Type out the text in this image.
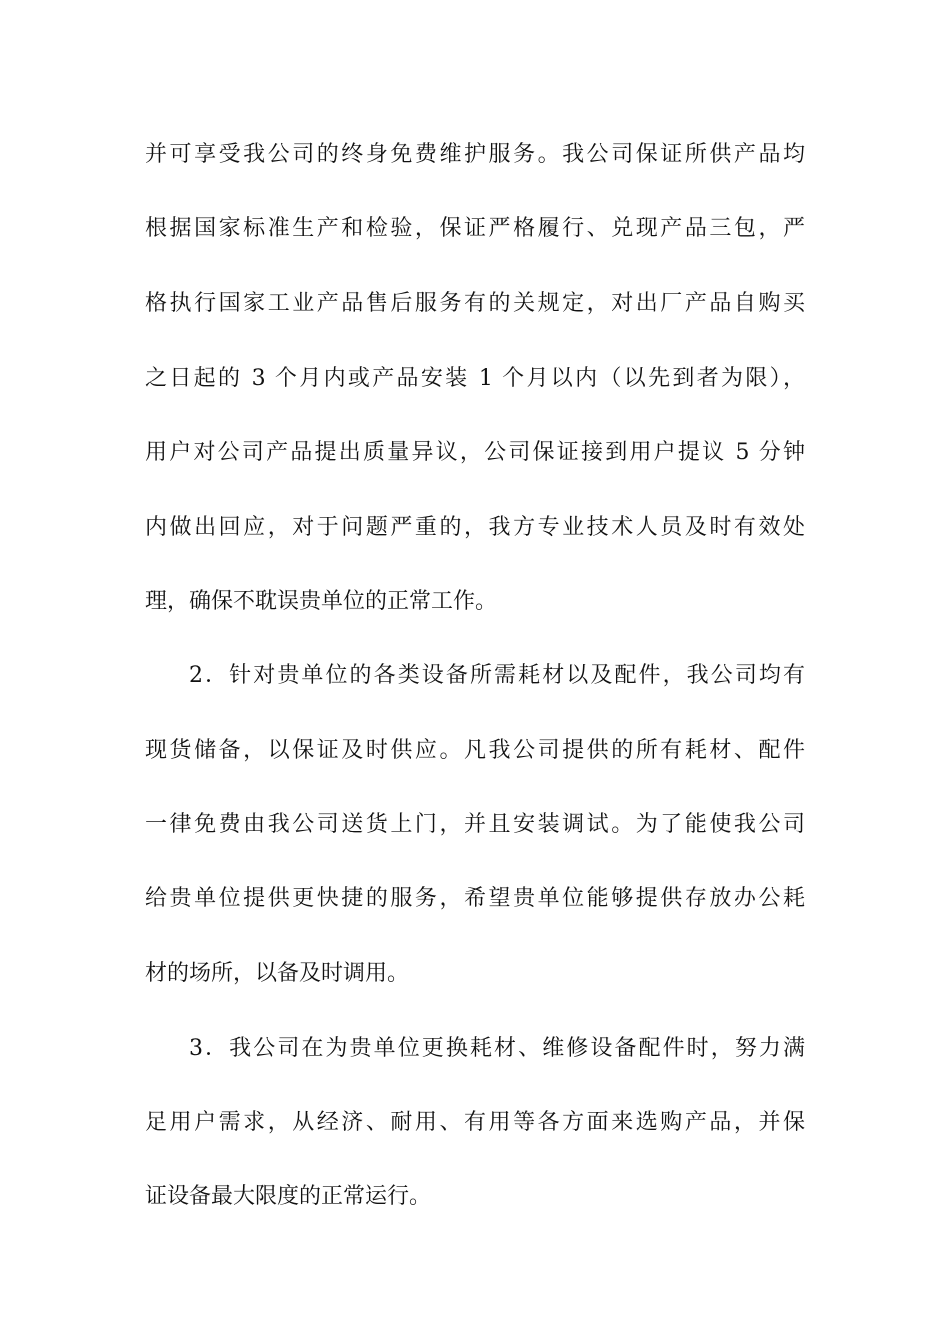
并可享受我公司的终身免费维护服务。我公司保证所供产品均
根据国家标准生产和检验，保证严格履行、兑现产品三包，严
格执行国家工业产品售后服务有的关规定，对出厂产品自购买
之日起的 3 个月内或产品安装 1 个月以内（以先到者为限），
用户对公司产品提出质量异议，公司保证接到用户提议 5 分钟
内做出回应，对于问题严重的，我方专业技术人员及时有效处
理，确保不耽误贵单位的正常工作。
2．针对贵单位的各类设备所需耗材以及配件，我公司均有
现货储备，以保证及时供应。凡我公司提供的所有耗材、配件
一律免费由我公司送货上门，并且安装调试。为了能使我公司
给贵单位提供更快捷的服务，希望贵单位能够提供存放办公耗
材的场所，以备及时调用。
3．我公司在为贵单位更换耗材、维修设备配件时，努力满
足用户需求，从经济、耐用、有用等各方面来选购产品，并保
证设备最大限度的正常运行。
